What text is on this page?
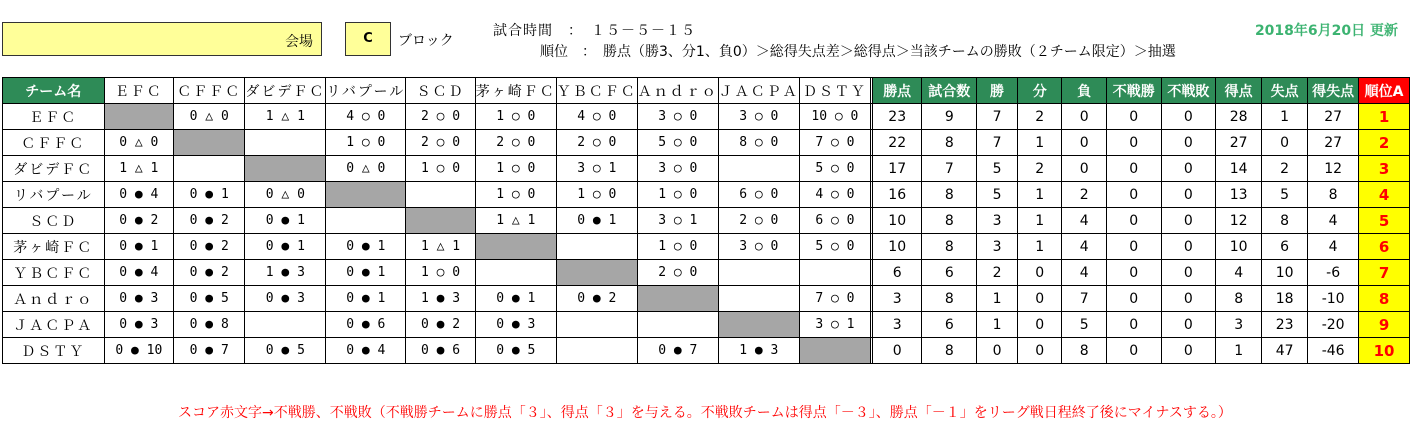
会場	C	ブロック
試合時間　：　１５－５－１５
順位　：　勝点（勝3、分1、負0）＞総得失点差＞総得点＞当該チームの勝敗（２チーム限定）＞抽選
2018年6月20日 更新
チーム名	ＥＦＣ	ＣＦＦＣ	ダビデＦＣ	リバプール	ＳＣＤ	茅ヶ崎ＦＣ	ＹＢＣＦＣ	Ａｎｄｒｏ	ＪＡＣＰＡ	ＤＳＴＹ		勝点	試合数	勝	分	負	不戦勝	不戦敗	得点	失点	得失点	順位A
ＥＦＣ		0 △ 0	1 △ 1	4 ○ 0	2 ○ 0	1 ○ 0	4 ○ 0	3 ○ 0	3 ○ 0	10 ○ 0		23	9	7	2	0	0	0	28	1	27	1
ＣＦＦＣ	0 △ 0			1 ○ 0	2 ○ 0	2 ○ 0	2 ○ 0	5 ○ 0	8 ○ 0	7 ○ 0		22	8	7	1	0	0	0	27	0	27	2
ダビデＦＣ	1 △ 1			0 △ 0	1 ○ 0	1 ○ 0	3 ○ 1	3 ○ 0		5 ○ 0		17	7	5	2	0	0	0	14	2	12	3
リバプール	0 ● 4	0 ● 1	0 △ 0			1 ○ 0	1 ○ 0	1 ○ 0	6 ○ 0	4 ○ 0		16	8	5	1	2	0	0	13	5	8	4
ＳＣＤ	0 ● 2	0 ● 2	0 ● 1			1 △ 1	0 ● 1	3 ○ 1	2 ○ 0	6 ○ 0		10	8	3	1	4	0	0	12	8	4	5
茅ヶ崎ＦＣ	0 ● 1	0 ● 2	0 ● 1	0 ● 1	1 △ 1			1 ○ 0	3 ○ 0	5 ○ 0		10	8	3	1	4	0	0	10	6	4	6
ＹＢＣＦＣ	0 ● 4	0 ● 2	1 ● 3	0 ● 1	1 ○ 0			2 ○ 0				6	6	2	0	4	0	0	4	10	-6	7
Ａｎｄｒｏ	0 ● 3	0 ● 5	0 ● 3	0 ● 1	1 ● 3	0 ● 1	0 ● 2			7 ○ 0		3	8	1	0	7	0	0	8	18	-10	8
ＪＡＣＰＡ	0 ● 3	0 ● 8		0 ● 6	0 ● 2	0 ● 3				3 ○ 1		3	6	1	0	5	0	0	3	23	-20	9
ＤＳＴＹ	0 ● 10	0 ● 7	0 ● 5	0 ● 4	0 ● 6	0 ● 5		0 ● 7	1 ● 3			0	8	0	0	8	0	0	1	47	-46	10
スコア赤文字→不戦勝、不戦敗（不戦勝チームに勝点「３」、得点「３」を与える。不戦敗チームは得点「－３」、勝点「－１」をリーグ戦日程終了後にマイナスする。）
